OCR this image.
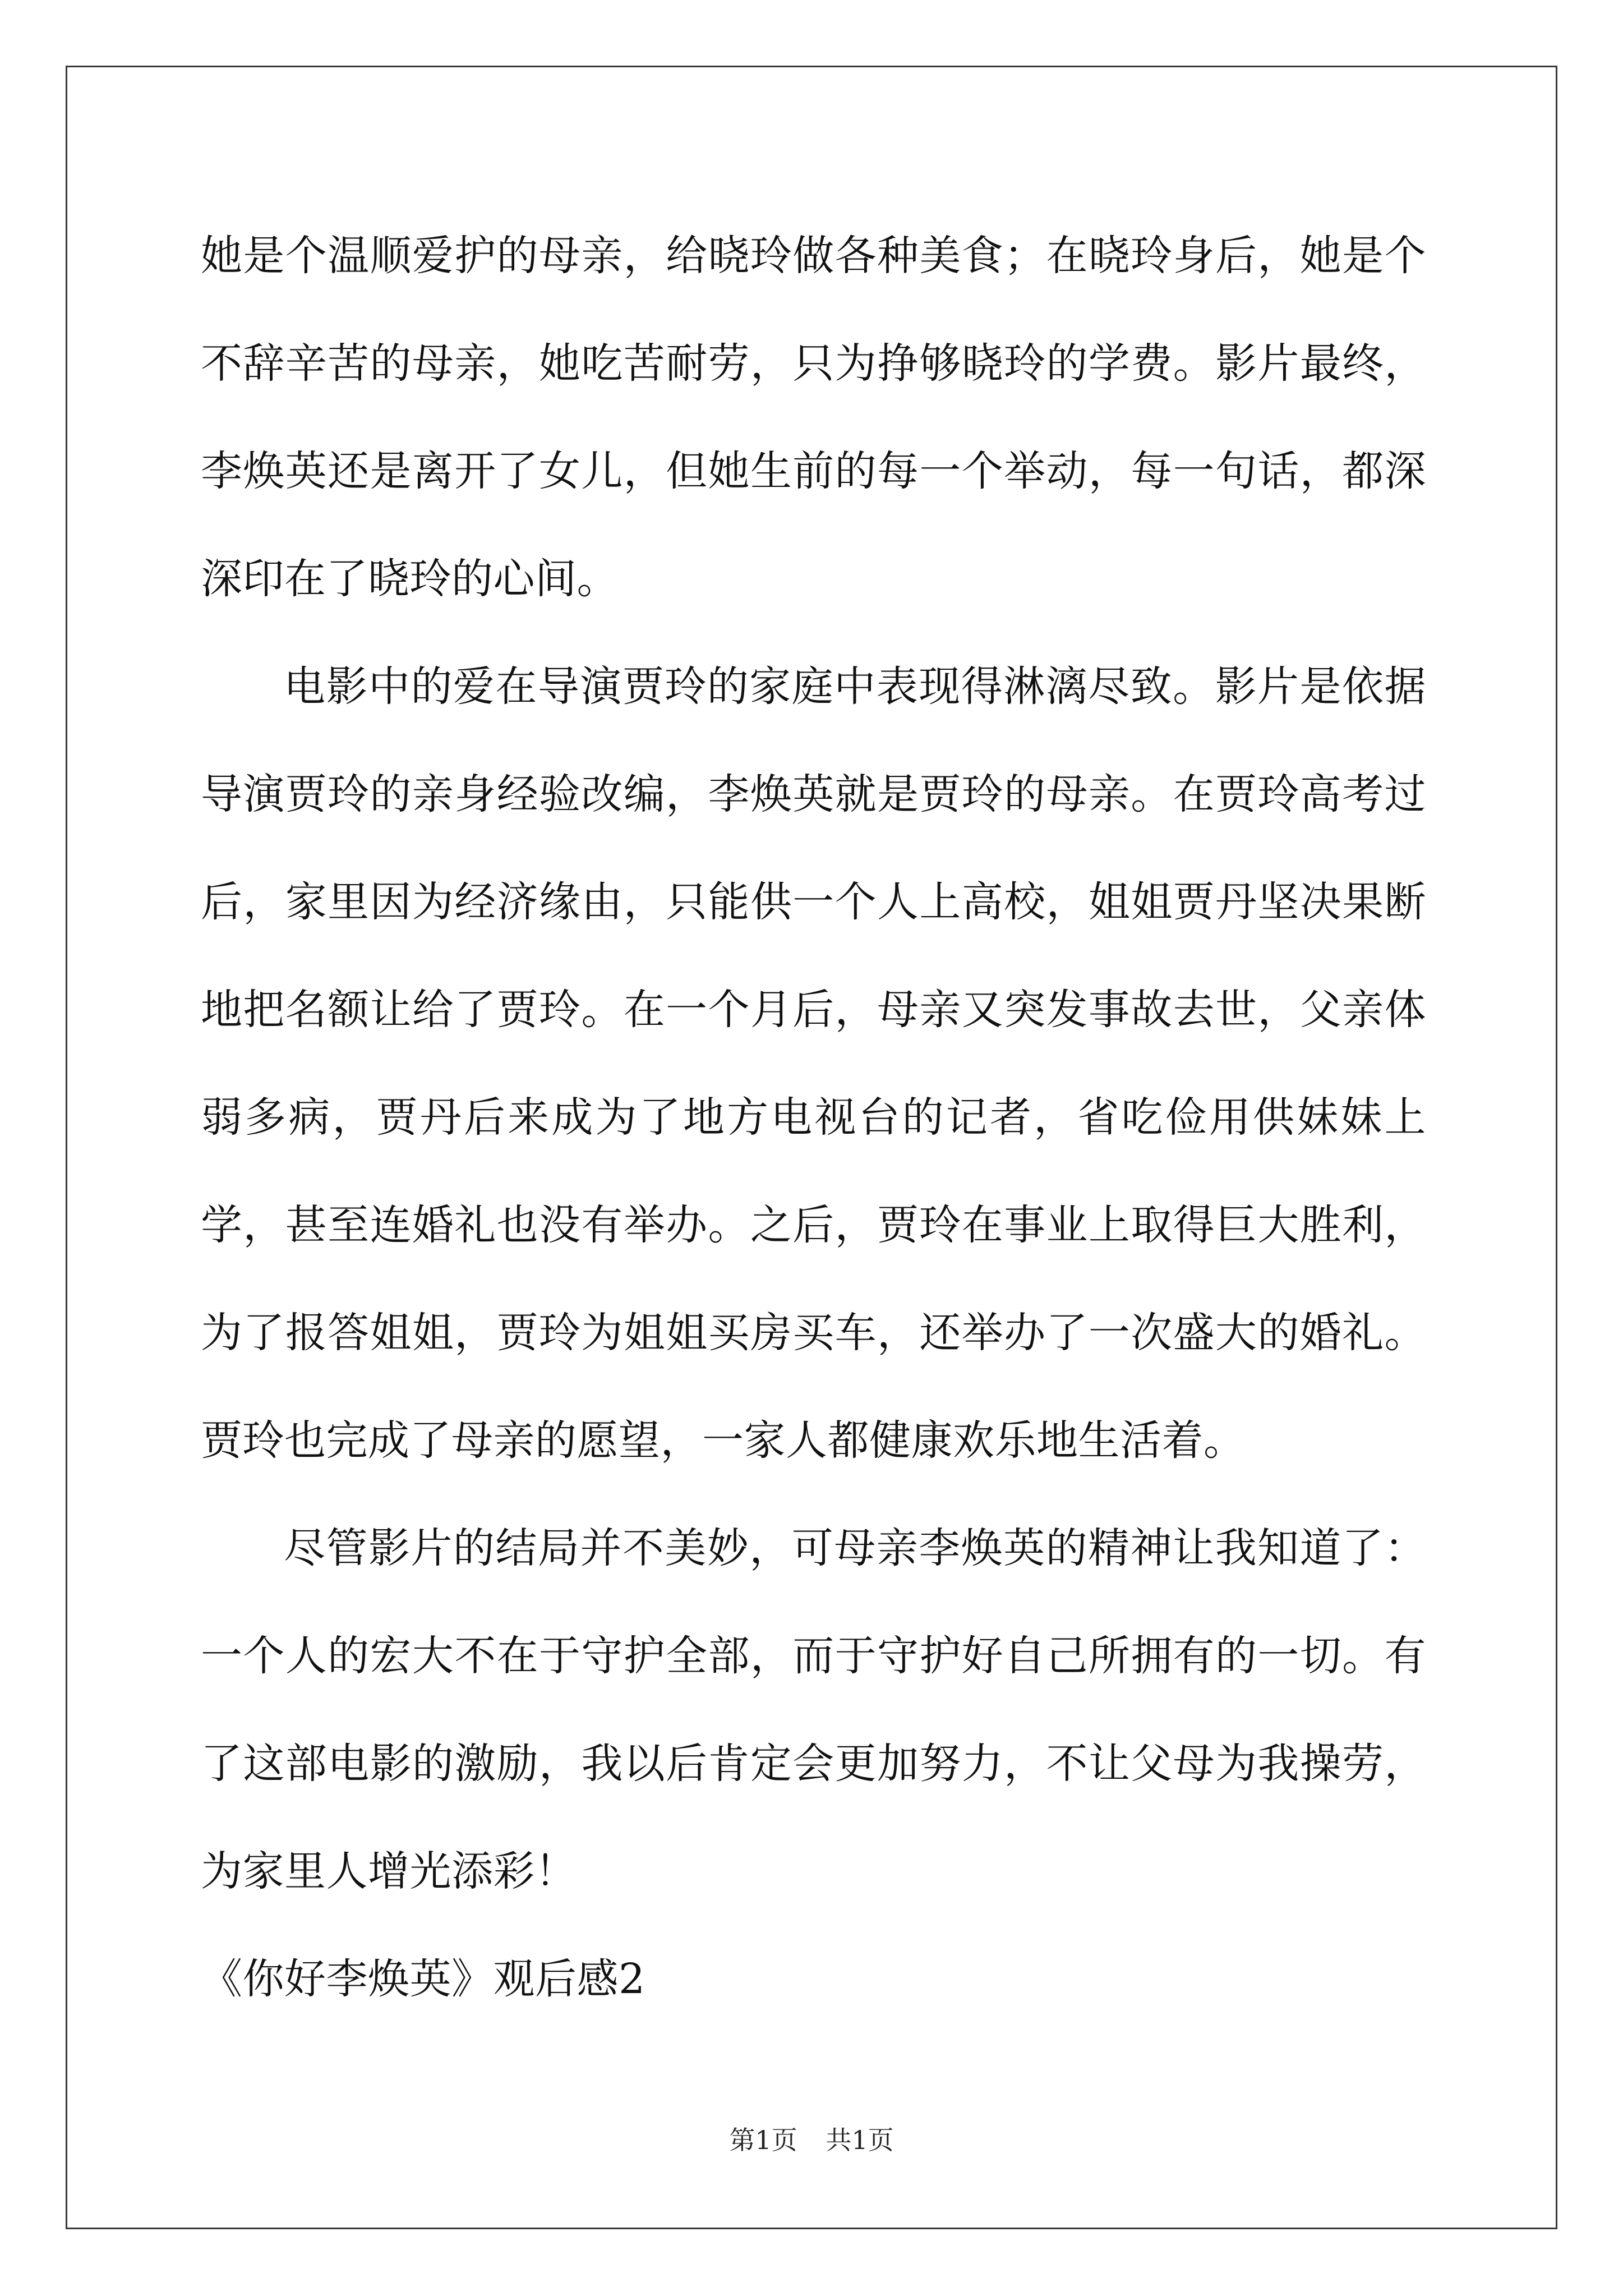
她是个温顺爱护的母亲，给晓玲做各种美食；在晓玲身后，她是个不辞辛苦的母亲，她吃苦耐劳，只为挣够晓玲的学费。影片最终，李焕英还是离开了女儿，但她生前的每一个举动，每一句话，都深深印在了晓玲的心间。

电影中的爱在导演贾玲的家庭中表现得淋漓尽致。影片是依据导演贾玲的亲身经验改编，李焕英就是贾玲的母亲。在贾玲高考过后，家里因为经济缘由，只能供一个人上高校，姐姐贾丹坚决果断地把名额让给了贾玲。在一个月后，母亲又突发事故去世，父亲体弱多病，贾丹后来成为了地方电视台的记者，省吃俭用供妹妹上学，甚至连婚礼也没有举办。之后，贾玲在事业上取得巨大胜利，为了报答姐姐，贾玲为姐姐买房买车，还举办了一次盛大的婚礼。贾玲也完成了母亲的愿望，一家人都健康欢乐地生活着。

尽管影片的结局并不美妙，可母亲李焕英的精神让我知道了：一个人的宏大不在于守护全部，而于守护好自己所拥有的一切。有了这部电影的激励，我以后肯定会更加努力，不让父母为我操劳，为家里人增光添彩！

《你好李焕英》观后感2

第1页 共1页
